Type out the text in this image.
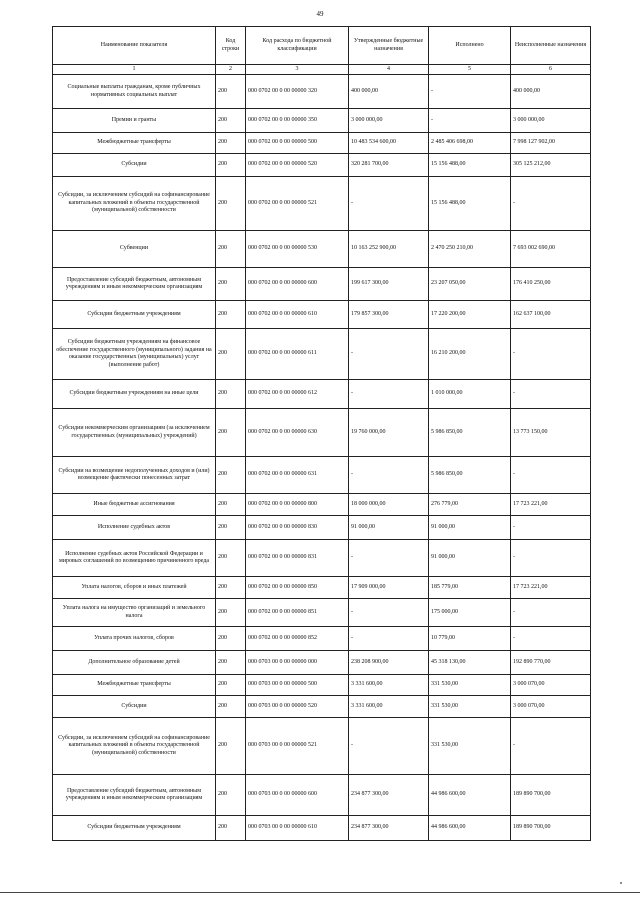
49
Наименование показателя	Код строки	Код расхода по бюджетной классификации	Утвержденные бюджетные назначения	Исполнено	Неисполненные назначения
1	2	3	4	5	6
Социальные выплаты гражданам, кроме публичных нормативных социальных выплат	200	000 0702 00 0 00 00000 320	400 000,00	-	400 000,00
Премии и гранты	200	000 0702 00 0 00 00000 350	3 000 000,00	-	3 000 000,00
Межбюджетные трансферты	200	000 0702 00 0 00 00000 500	10 483 534 600,00	2 485 406 698,00	7 998 127 902,00
Субсидии	200	000 0702 00 0 00 00000 520	320 281 700,00	15 156 488,00	305 125 212,00
Субсидии, за исключением субсидий на софинансирование капитальных вложений в объекты государственной (муниципальной) собственности	200	000 0702 00 0 00 00000 521	-	15 156 488,00	-
Субвенции	200	000 0702 00 0 00 00000 530	10 163 252 900,00	2 470 250 210,00	7 693 002 690,00
Предоставление субсидий бюджетным, автономным учреждениям и иным некоммерческим организациям	200	000 0702 00 0 00 00000 600	199 617 300,00	23 207 050,00	176 410 250,00
Субсидии бюджетным учреждениям	200	000 0702 00 0 00 00000 610	179 857 300,00	17 220 200,00	162 637 100,00
Субсидии бюджетным учреждениям на финансовое обеспечение государственного (муниципального) задания на оказание государственных (муниципальных) услуг (выполнение работ)	200	000 0702 00 0 00 00000 611	-	16 210 200,00	-
Субсидии бюджетным учреждениям на иные цели	200	000 0702 00 0 00 00000 612	-	1 010 000,00	-
Субсидии некоммерческим организациям (за исключением государственных (муниципальных) учреждений)	200	000 0702 00 0 00 00000 630	19 760 000,00	5 986 850,00	13 773 150,00
Субсидии на возмещение недополученных доходов и (или) возмещение фактически понесенных затрат	200	000 0702 00 0 00 00000 631	-	5 986 850,00	-
Иные бюджетные ассигнования	200	000 0702 00 0 00 00000 800	18 000 000,00	276 779,00	17 723 221,00
Исполнение судебных актов	200	000 0702 00 0 00 00000 830	91 000,00	91 000,00	-
Исполнение судебных актов Российской Федерации и мировых соглашений по возмещению причиненного вреда	200	000 0702 00 0 00 00000 831	-	91 000,00	-
Уплата налогов, сборов и иных платежей	200	000 0702 00 0 00 00000 850	17 909 000,00	185 779,00	17 723 221,00
Уплата налога на имущество организаций и земельного налога	200	000 0702 00 0 00 00000 851	-	175 000,00	-
Уплата прочих налогов, сборов	200	000 0702 00 0 00 00000 852	-	10 779,00	-
Дополнительное образование детей	200	000 0703 00 0 00 00000 000	238 208 900,00	45 318 130,00	192 890 770,00
Межбюджетные трансферты	200	000 0703 00 0 00 00000 500	3 331 600,00	331 530,00	3 000 070,00
Субсидии	200	000 0703 00 0 00 00000 520	3 331 600,00	331 530,00	3 000 070,00
Субсидии, за исключением субсидий на софинансирование капитальных вложений в объекты государственной (муниципальной) собственности	200	000 0703 00 0 00 00000 521	-	331 530,00	-
Предоставление субсидий бюджетным, автономным учреждениям и иным некоммерческим организациям	200	000 0703 00 0 00 00000 600	234 877 300,00	44 986 600,00	189 890 700,00
Субсидии бюджетным учреждениям	200	000 0703 00 0 00 00000 610	234 877 300,00	44 986 600,00	189 890 700,00
